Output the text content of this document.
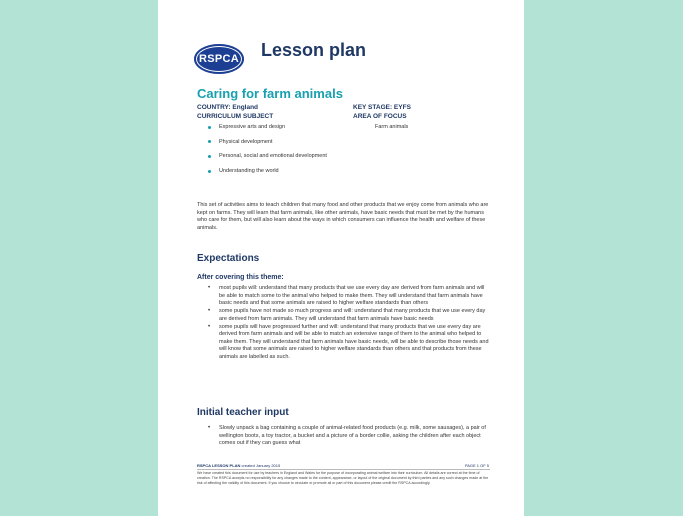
RSPCA Lesson plan
Caring for farm animals
COUNTRY: England
CURRICULUM SUBJECT
KEY STAGE: EYFS
AREA OF FOCUS
Expressive arts and design
Physical development
Personal, social and emotional development
Understanding the world
Farm animals

This set of activities aims to teach children that many food and other products that we enjoy come from animals who are kept on farms. They will learn that farm animals, like other animals, have basic needs that must be met by the humans who care for them, but will also learn about the ways in which consumers can influence the health and welfare of these animals.

Expectations
After covering this theme:
• most pupils will: understand that many products that we use every day are derived from farm animals and will be able to match some to the animal who helped to make them. They will understand that farm animals have basic needs and that some animals are raised to higher welfare standards than others
• some pupils have not made so much progress and will: understand that many products that we use every day are derived from farm animals. They will understand that farm animals have basic needs
• some pupils will have progressed further and will: understand that many products that we use every day are derived from farm animals and will be able to match an extensive range of them to the animal who helped to make them. They will understand that farm animals have basic needs, will be able to describe those needs and will know that some animals are raised to higher welfare standards than others and that products from these animals are labelled as such.
Initial teacher input
• Slowly unpack a bag containing a couple of animal-related food products (e.g. milk, some sausages), a pair of wellington boots, a toy tractor, a bucket and a picture of a border collie, asking the children after each object comes out if they can guess what
RSPCA LESSON PLAN created January 2015	PAGE 1 OF 5

We have created this document for use by teachers in England and Wales for the purpose of incorporating animal welfare into their curriculum. All details are correct at the time of creation. The RSPCA accepts no responsibility for any changes made to the content, appearance, or layout of the original document by third parties and any such changes made at the risk of affecting the validity of this document. If you choose to circulate or promote all or part of this document please credit the RSPCA accordingly.
